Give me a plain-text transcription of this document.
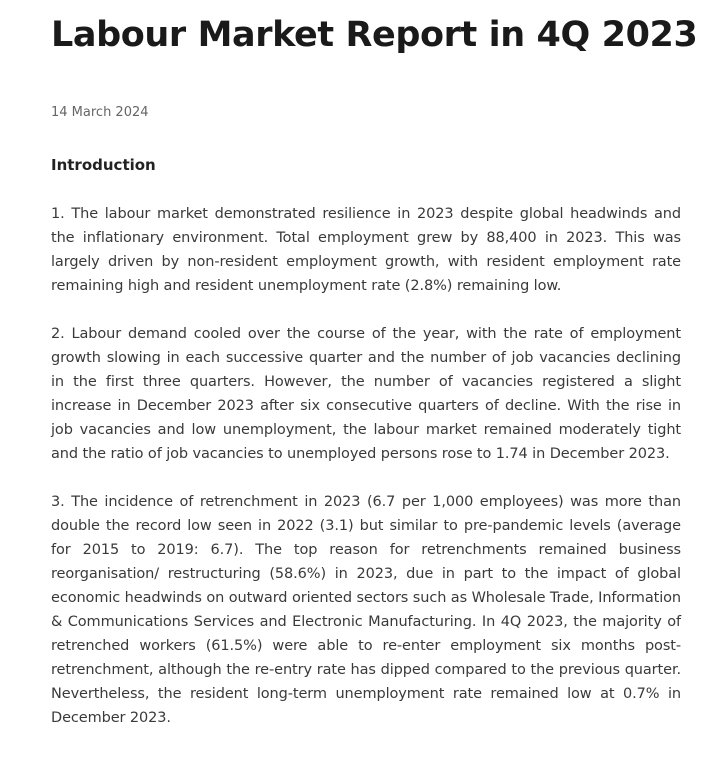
Labour Market Report in 4Q 2023
14 March 2024
Introduction

1. The labour market demonstrated resilience in 2023 despite global headwinds and the inflationary environment. Total employment grew by 88,400 in 2023. This was largely driven by non-resident employment growth, with resident employment rate remaining high and resident unemployment rate (2.8%) remaining low.

2. Labour demand cooled over the course of the year, with the rate of employment growth slowing in each successive quarter and the number of job vacancies declining in the first three quarters. However, the number of vacancies registered a slight increase in December 2023 after six consecutive quarters of decline. With the rise in job vacancies and low unemployment, the labour market remained moderately tight and the ratio of job vacancies to unemployed persons rose to 1.74 in December 2023.

3. The incidence of retrenchment in 2023 (6.7 per 1,000 employees) was more than double the record low seen in 2022 (3.1) but similar to pre-pandemic levels (average for 2015 to 2019: 6.7). The top reason for retrenchments remained business reorganisation/ restructuring (58.6%) in 2023, due in part to the impact of global economic headwinds on outward oriented sectors such as Wholesale Trade, Information & Communications Services and Electronic Manufacturing. In 4Q 2023, the majority of retrenched workers (61.5%) were able to re-enter employment six months post-retrenchment, although the re-entry rate has dipped compared to the previous quarter. Nevertheless, the resident long-term unemployment rate remained low at 0.7% in December 2023.
